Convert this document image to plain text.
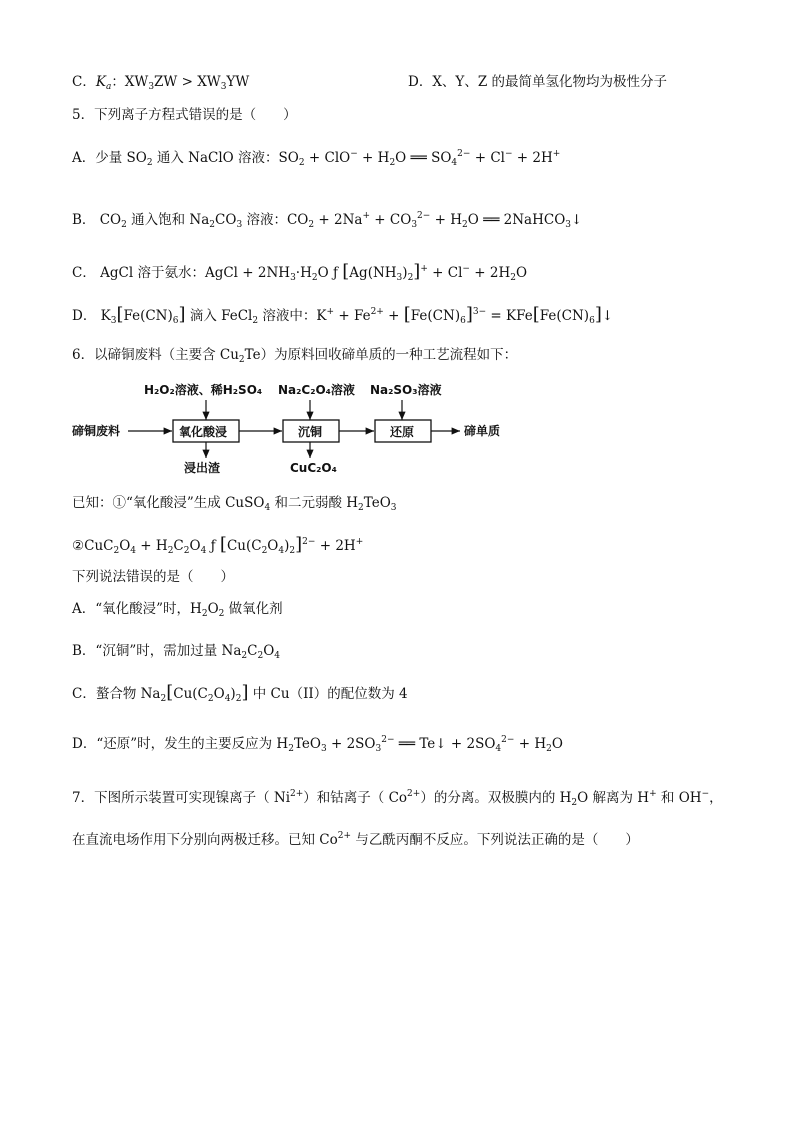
C．$K_a$：$XW_3ZW > XW_3YW$	D．X、Y、Z 的最简单氢化物均为极性分子
5．下列离子方程式错误的是（　　）
A．少量 $SO_2$ 通入 NaClO 溶液：$SO_2 + ClO^- + H_2O$ ══ $SO_4^{2-} + Cl^- + 2H^+$
B． $CO_2$ 通入饱和 $Na_2CO_3$ 溶液：$CO_2 + 2Na^+ + CO_3^{2-} + H_2O$ ══ 2NaHCO$_3$↓
C． AgCl 溶于氨水：AgCl + $2NH_3\cdot H_2O$ ƒ $[Ag(NH_3)_2]^+ + Cl^- + 2H_2O$
D． $K_3[Fe(CN)_6]$ 滴入 FeCl$_2$ 溶液中：$K^+ + Fe^{2+} + [Fe(CN)_6]^{3-}$ = $KFe[Fe(CN)_6]↓$
6．以碲铜废料（主要含 $Cu_2Te$）为原料回收碲单质的一种工艺流程如下：
碲铜废料
H₂O₂溶液、稀H₂SO₄
氧化酸浸
浸出渣
Na₂C₂O₄溶液
沉铜
CuC₂O₄
Na₂SO₃溶液
还原	碲单质
已知：①“氧化酸浸”生成 CuSO$_4$ 和二元弱酸 $H_2TeO_3$
$②CuC_2O_4 + H_2C_2O_4$ ƒ $[Cu(C_2O_4)_2]^{2-} + 2H^+$
下列说法错误的是（　　）
A．“氧化酸浸”时，$H_2O_2$ 做氧化剂
B．“沉铜”时，需加过量 $Na_2C_2O_4$
C．螯合物 $Na_2[Cu(C_2O_4)_2]$ 中 Cu（II）的配位数为 4
D．“还原”时，发生的主要反应为 $H_2TeO_3 + 2SO_3^{2-}$ ══ Te↓ + $2SO_4^{2-} + H_2O$
7．下图所示装置可实现镍离子（ $Ni^{2+}$）和钴离子（ $Co^{2+}$）的分离。双极膜内的 $H_2O$ 解离为 H+ 和 OH−，
在直流电场作用下分别向两极迁移。已知 $Co^{2+}$ 与乙酰丙酮不反应。下列说法正确的是（　　）
